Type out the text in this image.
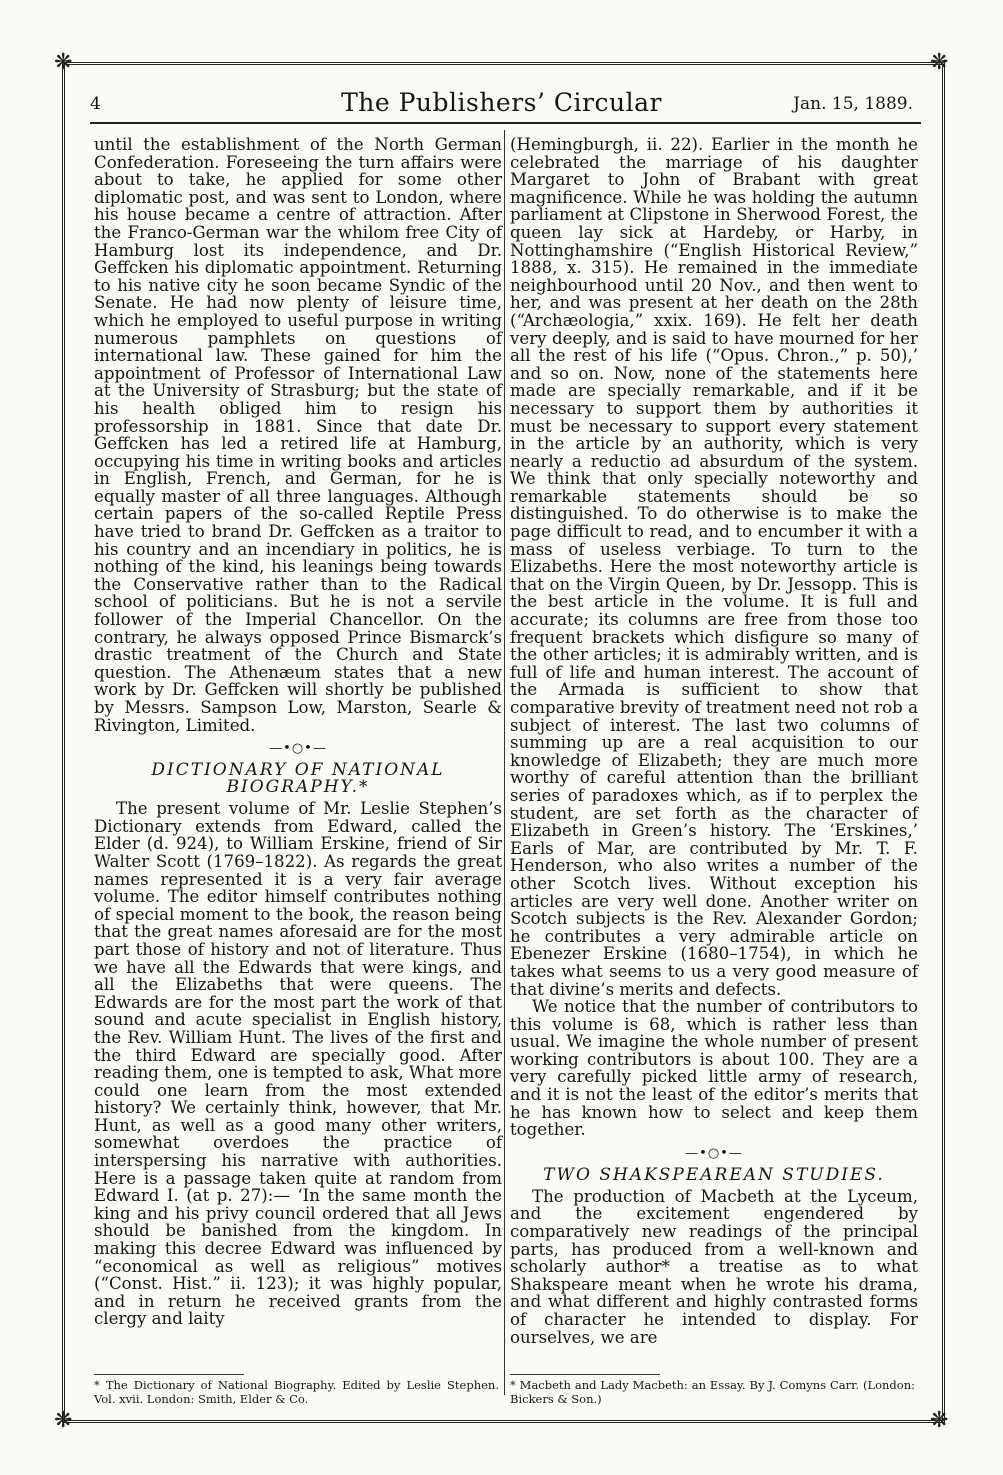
❋	❋
❋	❋
4	The Publishers’ Circular	Jan. 15, 1889.

until the establishment of the North German Confederation. Foreseeing the turn affairs were about to take, he applied for some other diplomatic post, and was sent to London, where his house became a centre of attraction. After the Franco-German war the whilom free City of Hamburg lost its independence, and Dr. Geffcken his diplomatic appointment. Returning to his native city he soon became Syndic of the Senate. He had now plenty of leisure time, which he employed to useful purpose in writing numerous pamphlets on questions of international law. These gained for him the appointment of Professor of International Law at the University of Strasburg; but the state of his health obliged him to resign his professorship in 1881. Since that date Dr. Geffcken has led a retired life at Hamburg, occupying his time in writing books and articles in English, French, and German, for he is equally master of all three languages. Although certain papers of the so-called Reptile Press have tried to brand Dr. Geffcken as a traitor to his country and an incendiary in politics, he is nothing of the kind, his leanings being towards the Conservative rather than to the Radical school of politicians. But he is not a servile follower of the Imperial Chancellor. On the contrary, he always opposed Prince Bismarck’s drastic treatment of the Church and State question. The Athenæum states that a new work by Dr. Geffcken will shortly be published by Messrs. Sampson Low, Marston, Searle & Rivington, Limited.

—•○•—
DICTIONARY OF NATIONAL BIOGRAPHY.*

The present volume of Mr. Leslie Stephen’s Dictionary extends from Edward, called the Elder (d. 924), to William Erskine, friend of Sir Walter Scott (1769–1822). As regards the great names represented it is a very fair average volume. The editor himself contributes nothing of special moment to the book, the reason being that the great names aforesaid are for the most part those of history and not of literature. Thus we have all the Edwards that were kings, and all the Elizabeths that were queens. The Edwards are for the most part the work of that sound and acute specialist in English history, the Rev. William Hunt. The lives of the first and the third Edward are specially good. After reading them, one is tempted to ask, What more could one learn from the most extended history? We certainly think, however, that Mr. Hunt, as well as a good many other writers, somewhat overdoes the practice of interspersing his narrative with authorities. Here is a passage taken quite at random from Edward I. (at p. 27):— ‘In the same month the king and his privy council ordered that all Jews should be banished from the kingdom. In making this decree Edward was influenced by “economical as well as religious” motives (“Const. Hist.” ii. 123); it was highly popular, and in return he received grants from the clergy and laity

(Hemingburgh, ii. 22). Earlier in the month he celebrated the marriage of his daughter Margaret to John of Brabant with great magnificence. While he was holding the autumn parliament at Clipstone in Sherwood Forest, the queen lay sick at Hardeby, or Harby, in Nottinghamshire (“English Historical Review,” 1888, x. 315). He remained in the immediate neighbourhood until 20 Nov., and then went to her, and was present at her death on the 28th (“Archæologia,” xxix. 169). He felt her death very deeply, and is said to have mourned for her all the rest of his life (“Opus. Chron.,” p. 50),’ and so on. Now, none of the statements here made are specially remarkable, and if it be necessary to support them by authorities it must be necessary to support every statement in the article by an authority, which is very nearly a reductio ad absurdum of the system. We think that only specially noteworthy and remarkable statements should be so distinguished. To do otherwise is to make the page difficult to read, and to encumber it with a mass of useless verbiage. To turn to the Elizabeths. Here the most noteworthy article is that on the Virgin Queen, by Dr. Jessopp. This is the best article in the volume. It is full and accurate; its columns are free from those too frequent brackets which disfigure so many of the other articles; it is admirably written, and is full of life and human interest. The account of the Armada is sufficient to show that comparative brevity of treatment need not rob a subject of interest. The last two columns of summing up are a real acquisition to our knowledge of Elizabeth; they are much more worthy of careful attention than the brilliant series of paradoxes which, as if to perplex the student, are set forth as the character of Elizabeth in Green’s history. The ‘Erskines,’ Earls of Mar, are contributed by Mr. T. F. Henderson, who also writes a number of the other Scotch lives. Without exception his articles are very well done. Another writer on Scotch subjects is the Rev. Alexander Gordon; he contributes a very admirable article on Ebenezer Erskine (1680–1754), in which he takes what seems to us a very good measure of that divine’s merits and defects.

We notice that the number of contributors to this volume is 68, which is rather less than usual. We imagine the whole number of present working contributors is about 100. They are a very carefully picked little army of research, and it is not the least of the editor’s merits that he has known how to select and keep them together.

—•○•—
TWO SHAKSPEAREAN STUDIES.

The production of Macbeth at the Lyceum, and the excitement engendered by comparatively new readings of the principal parts, has produced from a well-known and scholarly author* a treatise as to what Shakspeare meant when he wrote his drama, and what different and highly contrasted forms of character he intended to display. For ourselves, we are

* The Dictionary of National Biography. Edited by Leslie Stephen. Vol. xvii. London: Smith, Elder & Co.
* Macbeth and Lady Macbeth: an Essay. By J. Comyns Carr. (London: Bickers & Son.)
